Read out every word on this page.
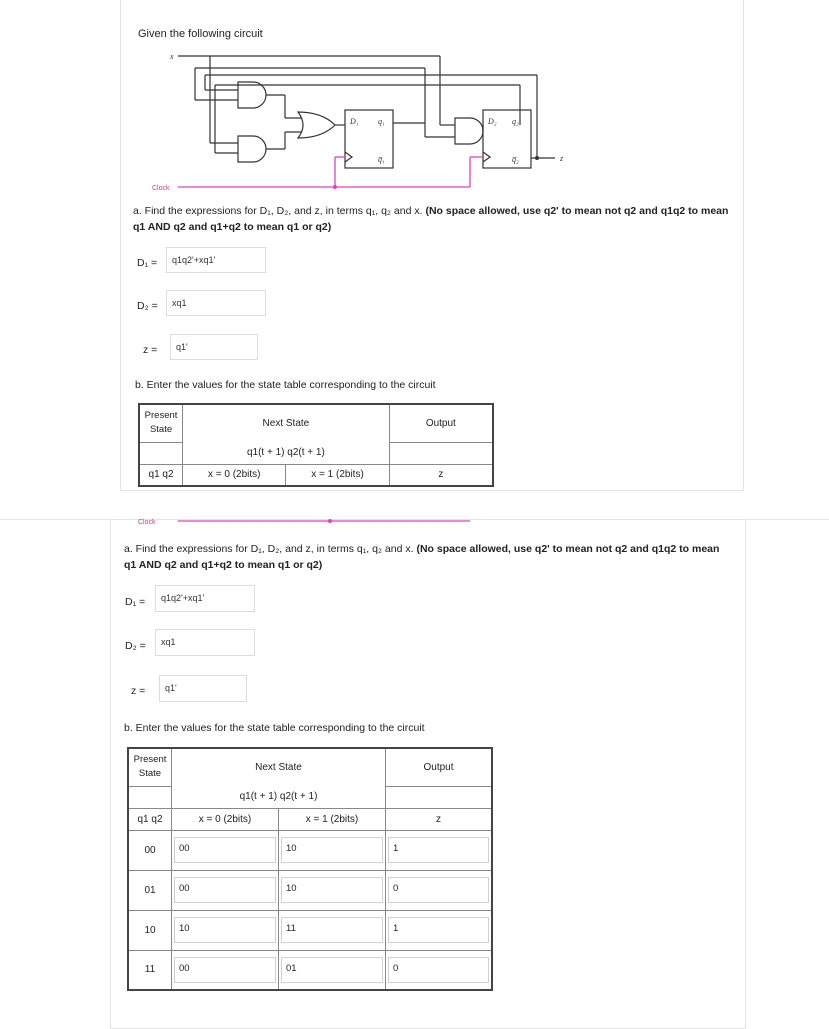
Given the following circuit
x
D₁ q₁
q̅₁
D₂ q₂
q̅₂	z
Clock
a. Find the expressions for D₁, D₂, and z, in terms q₁, q₂ and x. (No space allowed, use q2' to mean not q2 and q1q2 to mean q1 AND q2 and q1+q2 to mean q1 or q2)
D₁ =	q1q2'+xq1'
D₂ =	xq1
z =	q1'
b. Enter the values for the state table corresponding to the circuit
Present State	Next State		Output
	q1(t + 1) q2(t + 1)		
q1 q2	x = 0 (2bits)	x = 1 (2bits)	z
Clock
a. Find the expressions for D₁, D₂, and z, in terms q₁, q₂ and x. (No space allowed, use q2' to mean not q2 and q1q2 to mean q1 AND q2 and q1+q2 to mean q1 or q2)
D₁ =	q1q2'+xq1'
D₂ =	xq1
z =	q1'
b. Enter the values for the state table corresponding to the circuit
Present State	Next State		Output
	q1(t + 1) q2(t + 1)		
q1 q2	x = 0 (2bits)	x = 1 (2bits)	z
00	00	10	1

01	00	10	0

10	10	11	1

11	00	01	0
